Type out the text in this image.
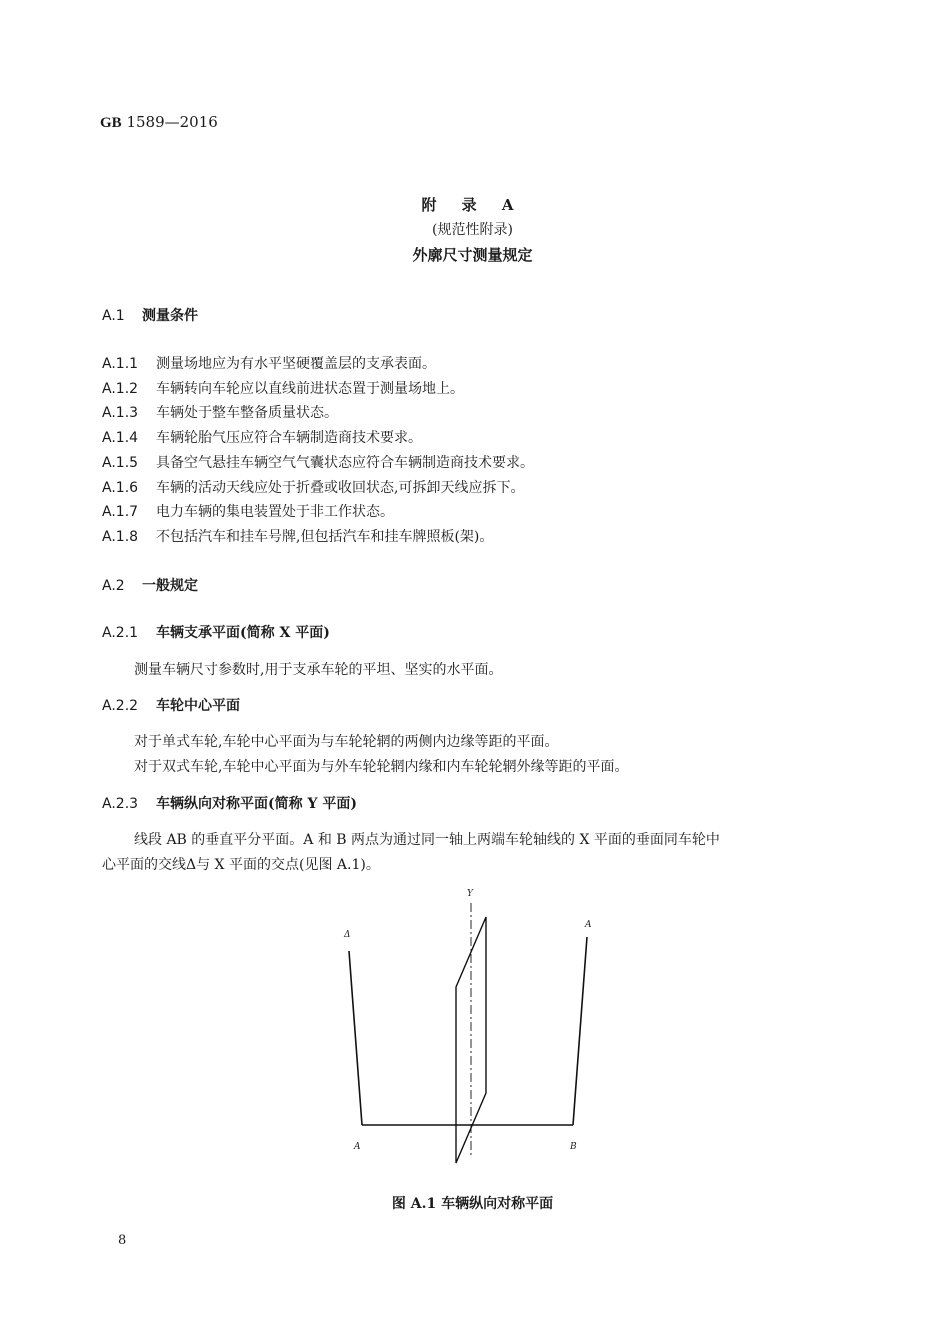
GB 1589—2016
附 录 A
(规范性附录)
外廓尺寸测量规定
A.1 测量条件
A.1.1 测量场地应为有水平坚硬覆盖层的支承表面。
A.1.2 车辆转向车轮应以直线前进状态置于测量场地上。
A.1.3 车辆处于整车整备质量状态。
A.1.4 车辆轮胎气压应符合车辆制造商技术要求。
A.1.5 具备空气悬挂车辆空气气囊状态应符合车辆制造商技术要求。
A.1.6 车辆的活动天线应处于折叠或收回状态,可拆卸天线应拆下。
A.1.7 电力车辆的集电装置处于非工作状态。
A.1.8 不包括汽车和挂车号牌,但包括汽车和挂车牌照板(架)。
A.2 一般规定
A.2.1 车辆支承平面(简称 X 平面)
测量车辆尺寸参数时,用于支承车轮的平坦、坚实的水平面。
A.2.2 车轮中心平面
对于单式车轮,车轮中心平面为与车轮轮辋的两侧内边缘等距的平面。
对于双式车轮,车轮中心平面为与外车轮轮辋内缘和内车轮轮辋外缘等距的平面。
A.2.3 车辆纵向对称平面(简称 Y 平面)
线段 AB 的垂直平分平面。A 和 B 两点为通过同一轴上两端车轮轴线的 X 平面的垂面同车轮中
心平面的交线Δ与 X 平面的交点(见图 A.1)。
Y
Δ
A
A	B
图 A.1 车辆纵向对称平面
8
